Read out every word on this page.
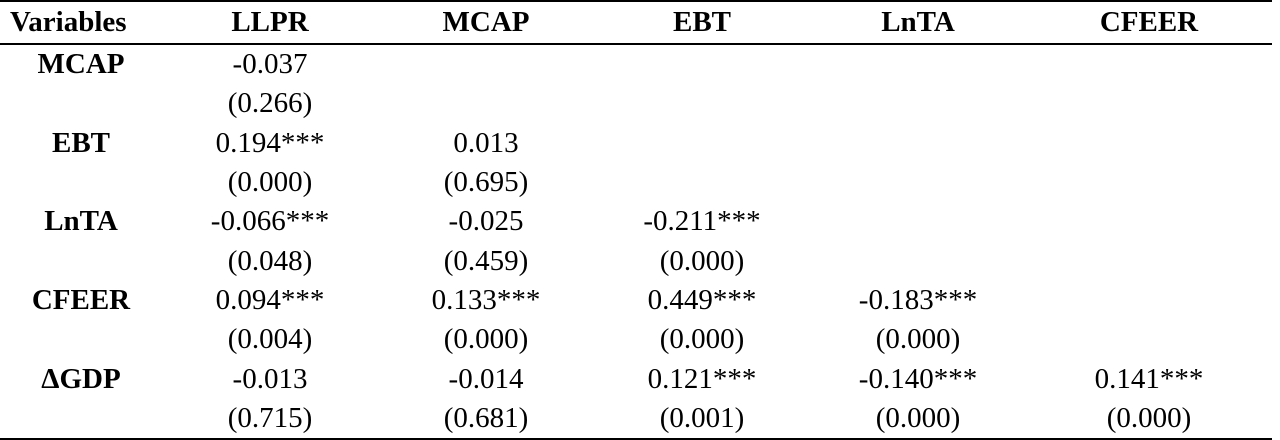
Variables	LLPR	MCAP	EBT	LnTA	CFEER
MCAP	-0.037				
	(0.266)				
EBT	0.194***	0.013			
	(0.000)	(0.695)			
LnTA	-0.066***	-0.025	-0.211***		
	(0.048)	(0.459)	(0.000)		
CFEER	0.094***	0.133***	0.449***	-0.183***	
	(0.004)	(0.000)	(0.000)	(0.000)	
ΔGDP	-0.013	-0.014	0.121***	-0.140***	0.141***
	(0.715)	(0.681)	(0.001)	(0.000)	(0.000)
